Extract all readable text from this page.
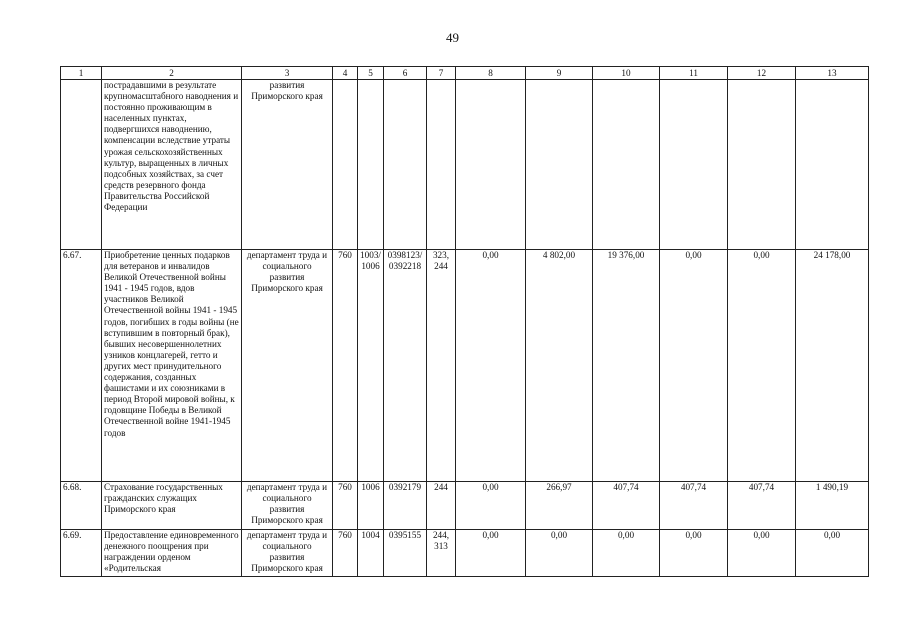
49
1	2	3	4	5	6	7	8	9	10	11	12	13
	пострадавшими в результате крупномасштабного наводнения и постоянно проживающим в населенных пунктах, подвергшихся наводнению, компенсации вследствие утраты урожая сельскохозяйственных культур, выращенных в личных подсобных хозяйствах, за счет средств резервного фонда Правительства Российской Федерации	развития Приморского края										
6.67.	Приобретение ценных подарков для ветеранов и инвалидов Великой Отечественной войны 1941 - 1945 годов, вдов участников Великой Отечественной войны 1941 - 1945 годов, погибших в годы войны (не вступившим в повторный брак), бывших несовершеннолетних узников концлагерей, гетто и других мест принудительного содержания, созданных фашистами и их союзниками в период Второй мировой войны, к годовщине Победы в Великой Отечественной войне 1941-1945 годов	департамент труда и социального развития Приморского края	760	1003/ 1006	0398123/ 0392218	323, 244	0,00	4 802,00	19 376,00	0,00	0,00	24 178,00
6.68.	Страхование государственных гражданских служащих Приморского края	департамент труда и социального развития Приморского края	760	1006	0392179	244	0,00	266,97	407,74	407,74	407,74	1 490,19
6.69.	Предоставление единовременного денежного поощрения при награждении орденом «Родительская	департамент труда и социального развития Приморского края	760	1004	0395155	244, 313	0,00	0,00	0,00	0,00	0,00	0,00
